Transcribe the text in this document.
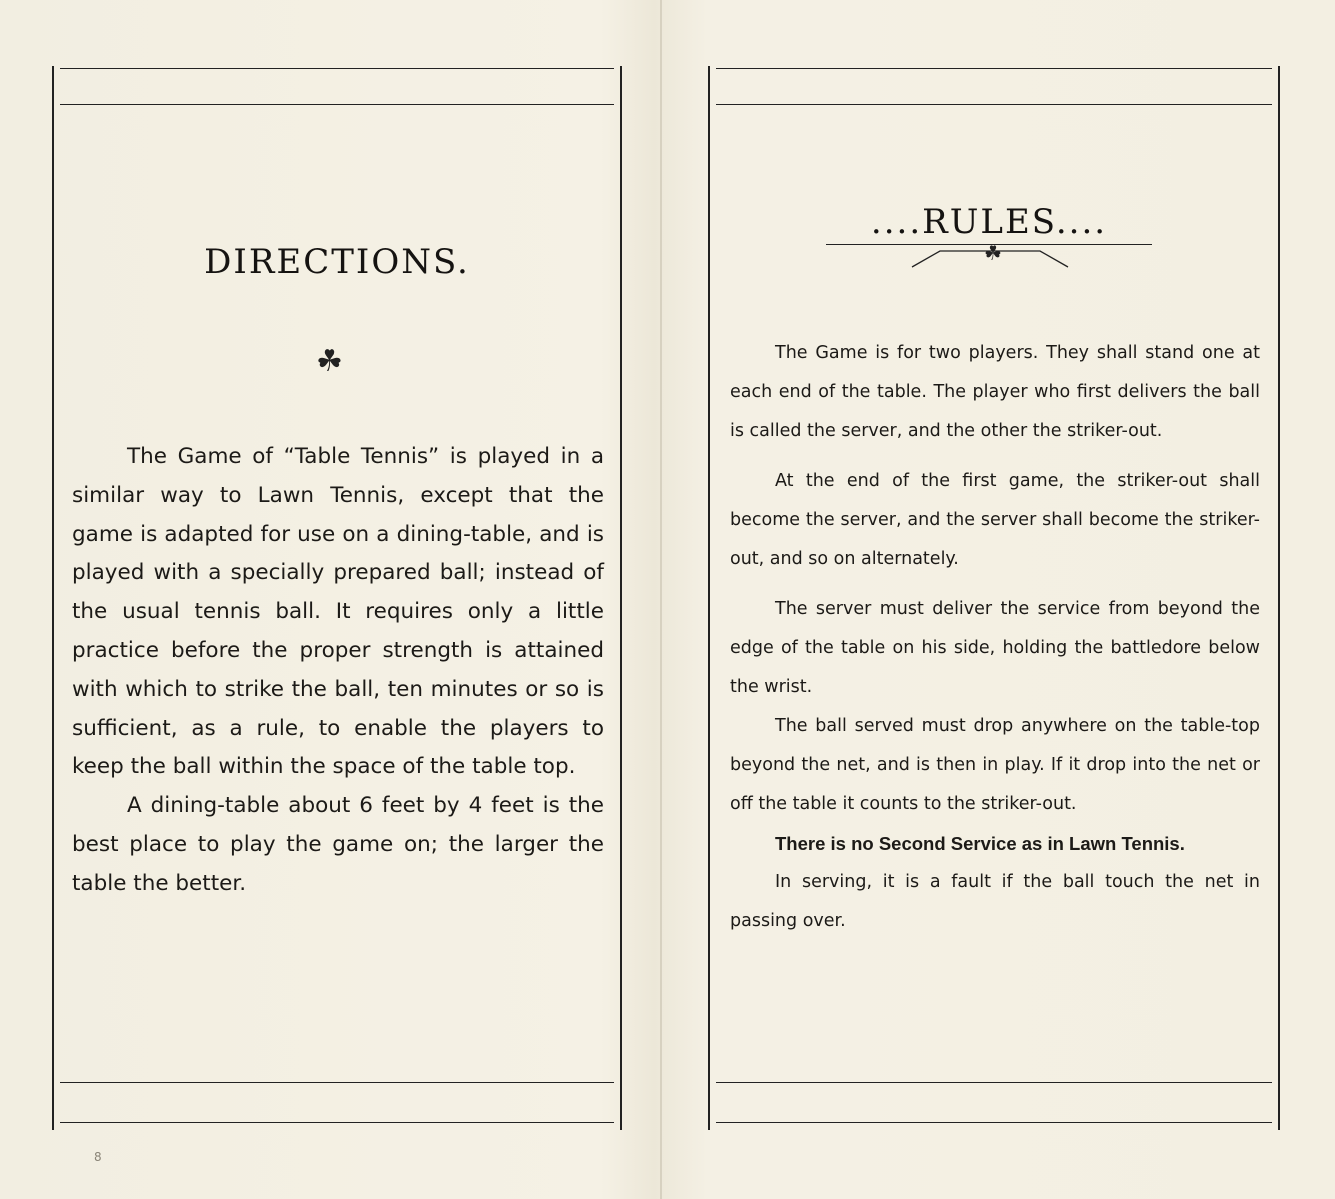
DIRECTIONS.
☘

The Game of “Table Tennis” is played in a similar way to Lawn Tennis, except that the game is adapted for use on a dining-table, and is played with a specially prepared ball; instead of the usual tennis ball. It requires only a little practice before the proper strength is attained with which to strike the ball, ten minutes or so is sufficient, as a rule, to enable the players to keep the ball within the space of the table top.

A dining-table about 6 feet by 4 feet is the best place to play the game on; the larger the table the better.

8
....RULES....
☘

The Game is for two players. They shall stand one at each end of the table. The player who first delivers the ball is called the server, and the other the striker-out.

At the end of the first game, the striker-out shall become the server, and the server shall become the striker-out, and so on alternately.

The server must deliver the service from beyond the edge of the table on his side, holding the battledore below the wrist.

The ball served must drop anywhere on the table-top beyond the net, and is then in play. If it drop into the net or off the table it counts to the striker-out.

There is no Second Service as in Lawn Tennis.

In serving, it is a fault if the ball touch the net in passing over.
